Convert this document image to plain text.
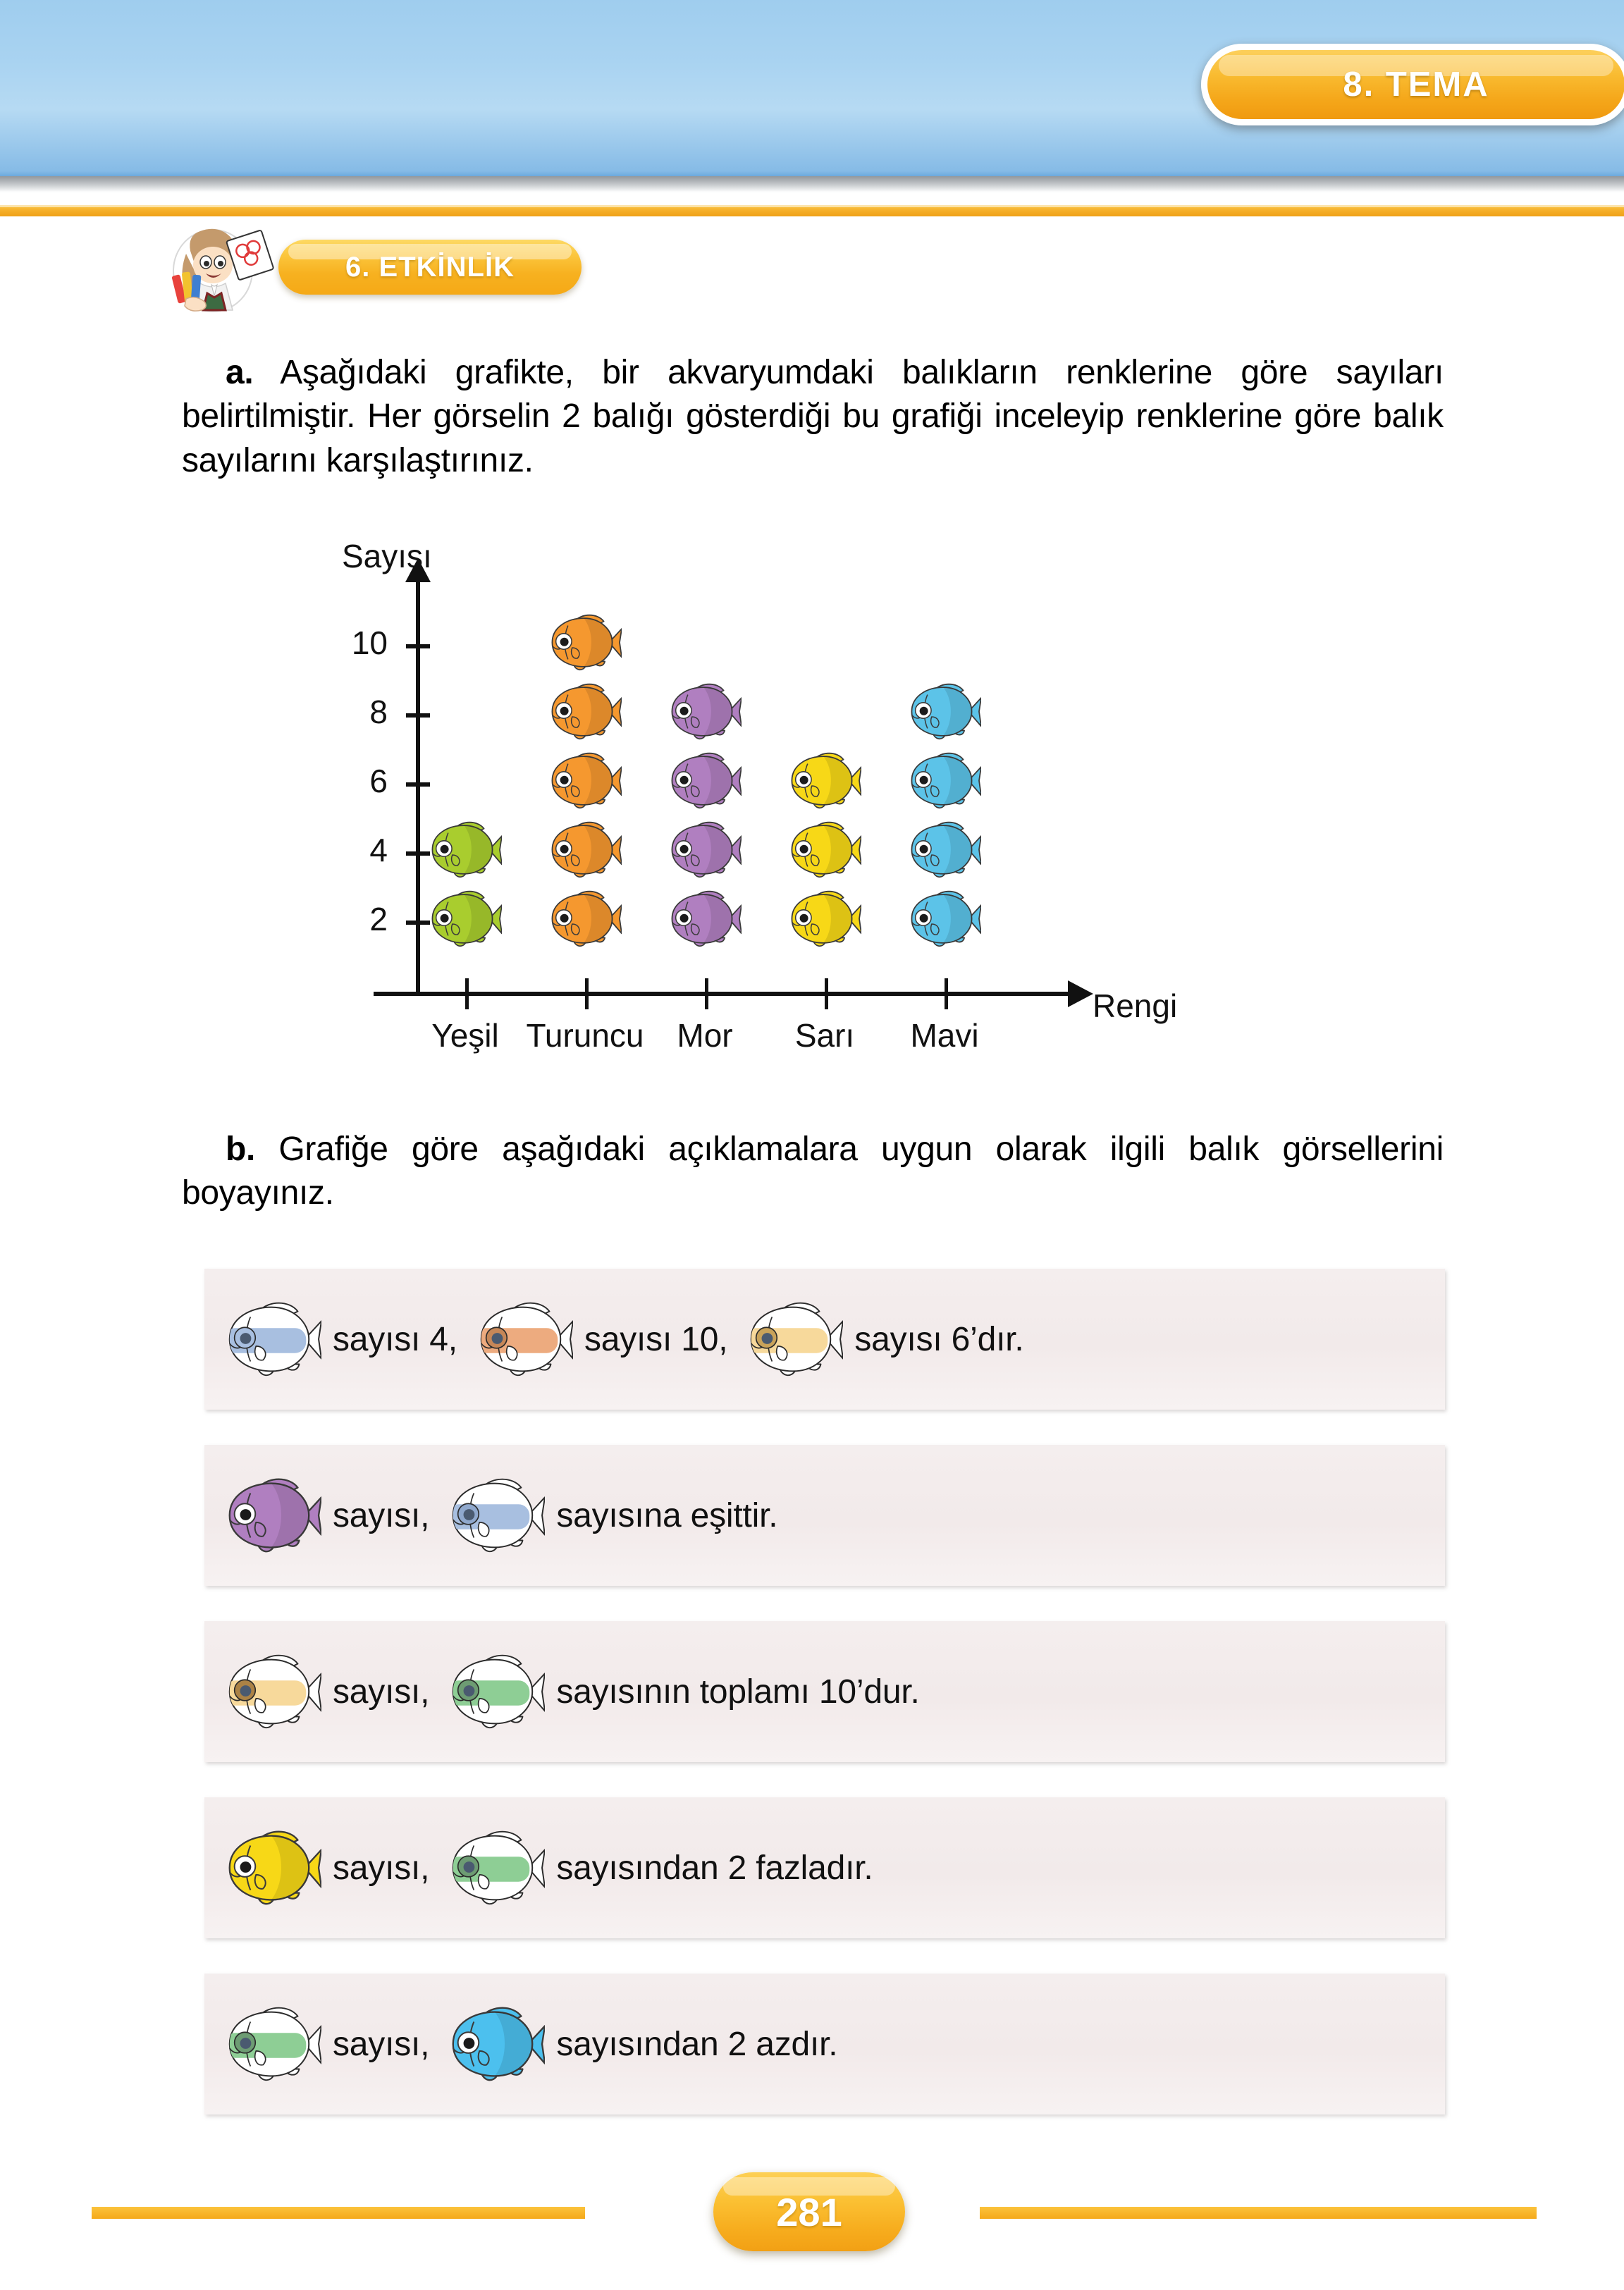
8. TEMA
6. ETKİNLİK
a. Aşağıdaki grafikte, bir akvaryumdaki balıkların renklerine göre sayıları belirtilmiştir. Her görselin 2 balığı gösterdiği bu grafiği inceleyip renklerine göre balık sayılarını karşılaştırınız.
Sayısı
Rengi
2
4
6
8
10
Yeşil Turuncu Mor Sarı Mavi
b. Grafiğe göre aşağıdaki açıklamalara uygun olarak ilgili balık görsellerini boyayınız.
sayısı 4,	sayısı 10,	sayısı 6’dır.
sayısı,	sayısına eşittir.
sayısı,	sayısının toplamı 10’dur.
sayısı,	sayısından 2 fazladır.
sayısı,	sayısından 2 azdır.
281
